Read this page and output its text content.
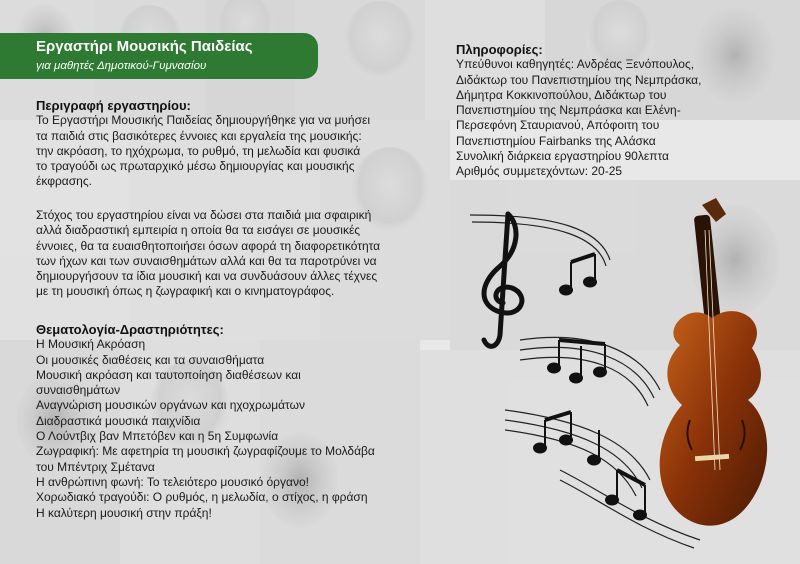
Εργαστήρι Μουσικής Παιδείας
για μαθητές Δημοτικού-Γυμνασίου
Περιγραφή εργαστηρίου:
Το Εργαστήρι Μουσικής Παιδείας δημιουργήθηκε για να μυήσει
τα παιδιά στις βασικότερες έννοιες και εργαλεία της μουσικής:
την ακρόαση, το ηχόχρωμα, το ρυθμό, τη μελωδία και φυσικά
το τραγούδι ως πρωταρχικό μέσω δημιουργίας και μουσικής
έκφρασης.
Στόχος του εργαστηρίου είναι να δώσει στα παιδιά μια σφαιρική
αλλά διαδραστική εμπειρία η οποία θα τα εισάγει σε μουσικές
έννοιες, θα τα ευαισθητοποιήσει όσων αφορά τη διαφορετικότητα
των ήχων και των συναισθημάτων αλλά και θα τα παροτρύνει να
δημιουργήσουν τα ίδια μουσική και να συνδυάσουν άλλες τέχνες
με τη μουσική όπως η ζωγραφική και ο κινηματογράφος.
Θεματολογία-Δραστηριότητες:
Η Μουσική Ακρόαση
Οι μουσικές διαθέσεις και τα συναισθήματα
Μουσική ακρόαση και ταυτοποίηση διαθέσεων και
συναισθημάτων
Αναγνώριση μουσικών οργάνων και ηχοχρωμάτων
Διαδραστικά μουσικά παιχνίδια
Ο Λούντβιχ βαν Μπετόβεν και η 5η Συμφωνία
Ζωγραφική: Με αφετηρία τη μουσική ζωγραφίζουμε το Μολδάβα
του Μπέντριχ Σμέτανα
Η ανθρώπινη φωνή: Το τελειότερο μουσικό όργανο!
Χορωδιακό τραγούδι: Ο ρυθμός, η μελωδία, ο στίχος, η φράση
Η καλύτερη μουσική στην πράξη!
Πληροφορίες:
Υπεύθυνοι καθηγητές: Ανδρέας Ξενόπουλος,
Διδάκτωρ του Πανεπιστημίου της Νεμπράσκα,
Δήμητρα Κοκκινοπούλου, Διδάκτωρ του
Πανεπιστημίου της Νεμπράσκα και Ελένη-
Περσεφόνη Σταυριανού, Απόφοιτη του
Πανεπιστημίου Fairbanks της Αλάσκα
Συνολική διάρκεια εργαστηρίου 90λεπτα
Αριθμός συμμετεχόντων: 20-25
